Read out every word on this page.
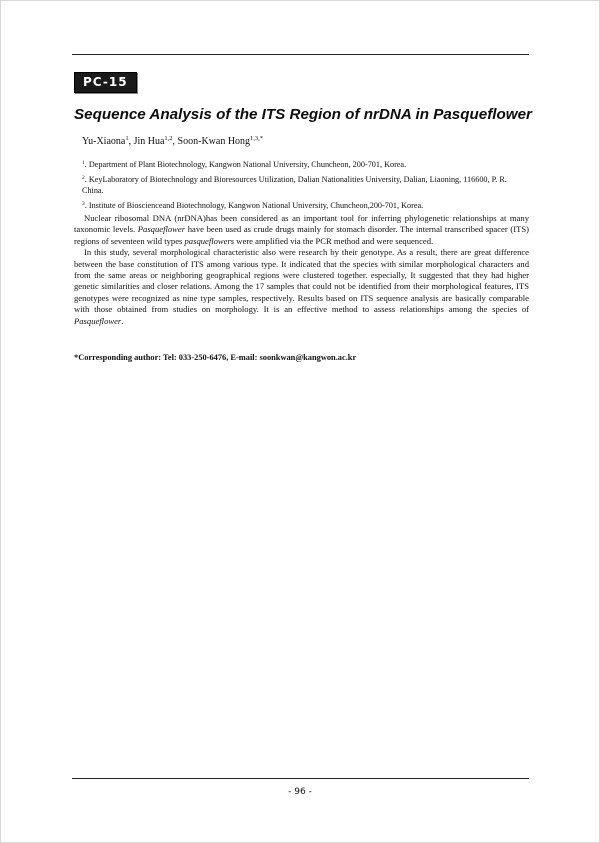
PC-15
Sequence Analysis of the ITS Region of nrDNA in Pasqueflower
Yu-Xiaona$^1$, Jin Hua$^{1,2}$, Soon-Kwan Hong$^{1,3,*}$
$^1$. Department of Plant Biotechnology, Kangwon National University, Chuncheon, 200-701, Korea.
$^2$. KeyLaboratory of Biotechnology and Bioresources Utilization, Dalian Nationalities University, Dalian, Liaoning, 116600, P. R. China.
$^3$. Institute of Bioscienceand Biotechnology, Kangwon National University, Chuncheon,200-701, Korea.

Nuclear ribosomal DNA (nrDNA)has been considered as an important tool for inferring phylogenetic relationships at many taxonomic levels. Pasqueflower have been used as crude drugs mainly for stomach disorder. The internal transcribed spacer (ITS) regions of seventeen wild types pasqueflowers were amplified via the PCR method and were sequenced.

In this study, several morphological characteristic also were research by their genotype. As a result, there are great difference between the base constitution of ITS among various type. It indicated that the species with similar morphological characters and from the same areas or neighboring geographical regions were clustered together. especially, It suggested that they had higher genetic similarities and closer relations. Among the 17 samples that could not be identified from their morphological features, ITS genotypes were recognized as nine type samples, respectively. Results based on ITS sequence analysis are basically comparable with those obtained from studies on morphology. It is an effective method to assess relationships among the species of Pasqueflower.

*Corresponding author: Tel: 033-250-6476, E-mail: soonkwan@kangwon.ac.kr
- 96 -
